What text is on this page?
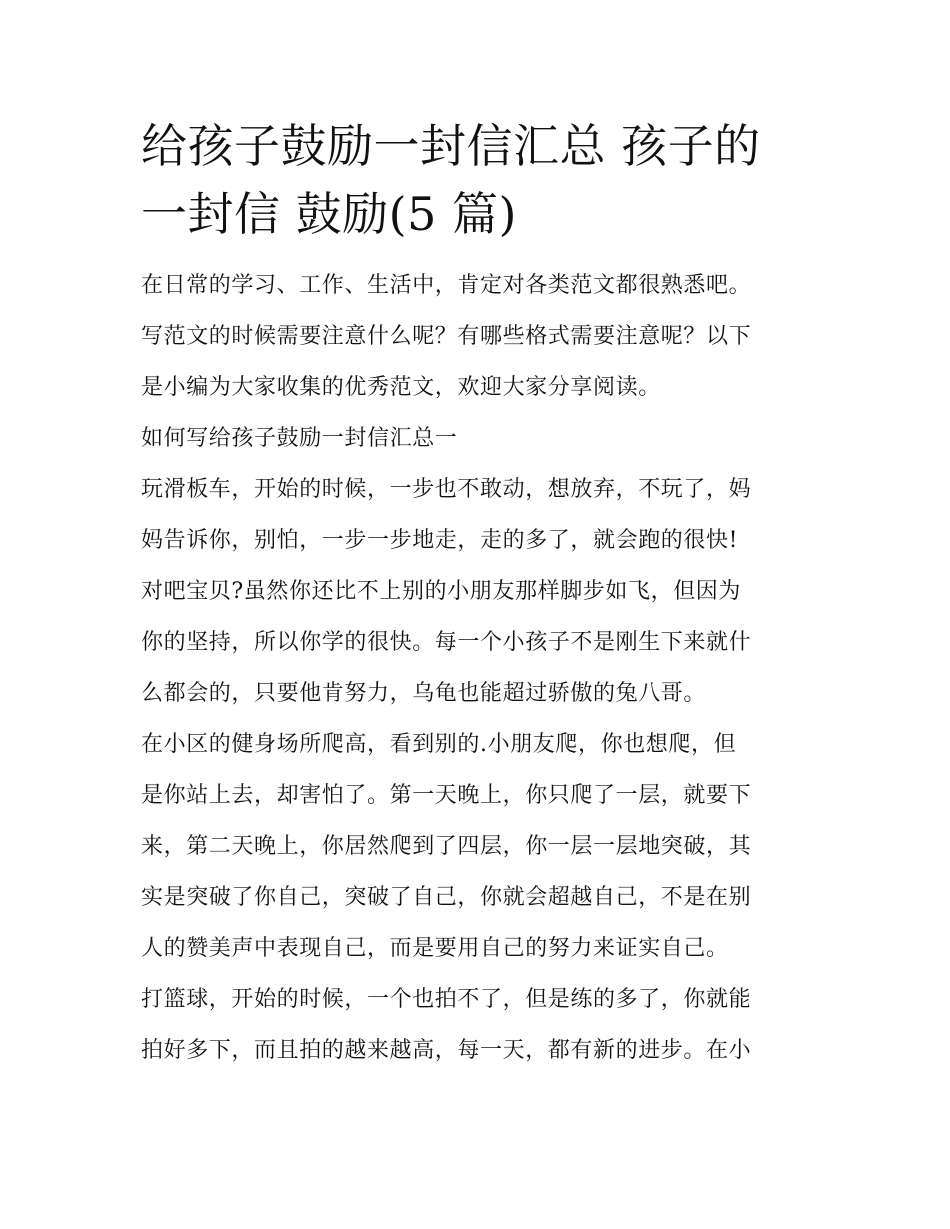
给孩子鼓励一封信汇总 孩子的
一封信 鼓励(5 篇)
在日常的学习、工作、生活中，肯定对各类范文都很熟悉吧。
写范文的时候需要注意什么呢？有哪些格式需要注意呢？以下
是小编为大家收集的优秀范文，欢迎大家分享阅读。
如何写给孩子鼓励一封信汇总一
玩滑板车，开始的时候，一步也不敢动，想放弃，不玩了，妈
妈告诉你，别怕，一步一步地走，走的多了，就会跑的很快!
对吧宝贝?虽然你还比不上别的小朋友那样脚步如飞，但因为
你的坚持，所以你学的很快。每一个小孩子不是刚生下来就什
么都会的，只要他肯努力，乌龟也能超过骄傲的兔八哥。
在小区的健身场所爬高，看到别的.小朋友爬，你也想爬，但
是你站上去，却害怕了。第一天晚上，你只爬了一层，就要下
来，第二天晚上，你居然爬到了四层，你一层一层地突破，其
实是突破了你自己，突破了自己，你就会超越自己，不是在别
人的赞美声中表现自己，而是要用自己的努力来证实自己。
打篮球，开始的时候，一个也拍不了，但是练的多了，你就能
拍好多下，而且拍的越来越高，每一天，都有新的进步。在小
